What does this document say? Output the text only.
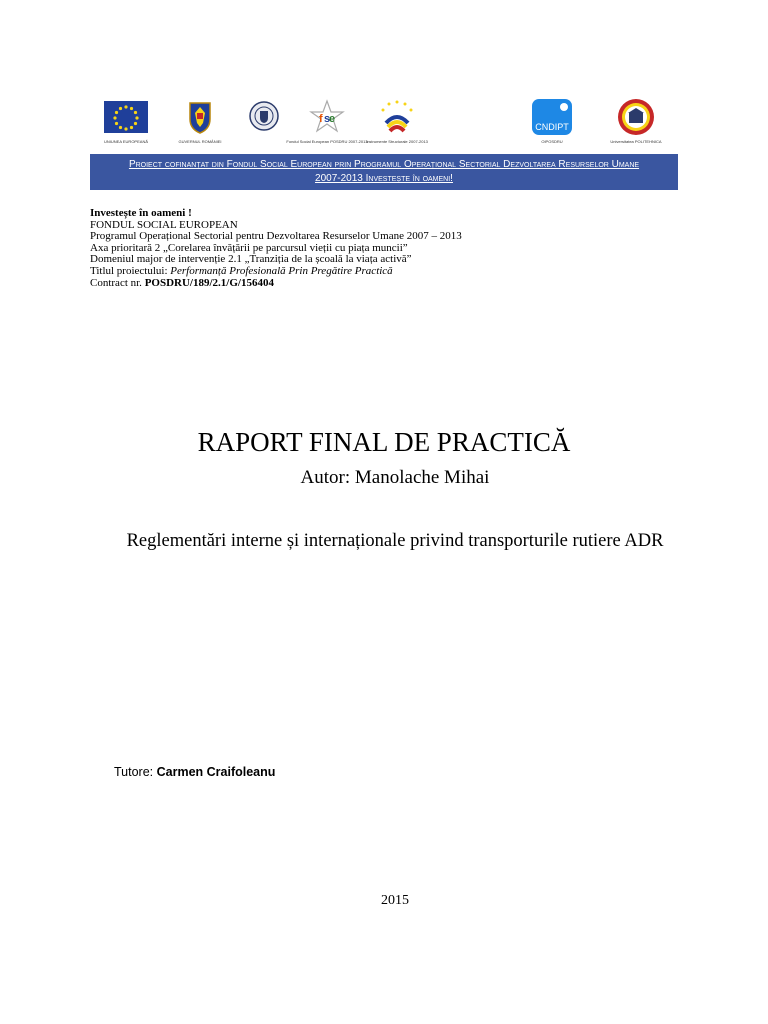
UNIUNEA EUROPEANĂ	GUVERNUL ROMÂNIEI
f s
e
Fondul Social European POSDRU 2007-2013
Instrumente Structurale 2007-2013
CNDIPT
OIPOSDRU	Universitatea POLITEHNICA
Proiect cofinanțat din Fondul Social European prin Programul Operațional Sectorial Dezvoltarea Resurselor Umane
2007-2013 Investește în oameni!
Investește în oameni !
FONDUL SOCIAL EUROPEAN
Programul Operațional Sectorial pentru Dezvoltarea Resurselor Umane 2007 – 2013
Axa prioritară 2 „Corelarea învățării pe parcursul vieții cu piața muncii”
Domeniul major de intervenție 2.1 „Tranziția de la școală la viața activă”
Titlul proiectului: Performanță Profesională Prin Pregătire Practică
Contract nr. POSDRU/189/2.1/G/156404
RAPORT FINAL DE PRACTICĂ
Autor: Manolache Mihai
Reglementări interne și internaționale privind transporturile rutiere ADR
Tutore: Carmen Craifoleanu
2015
